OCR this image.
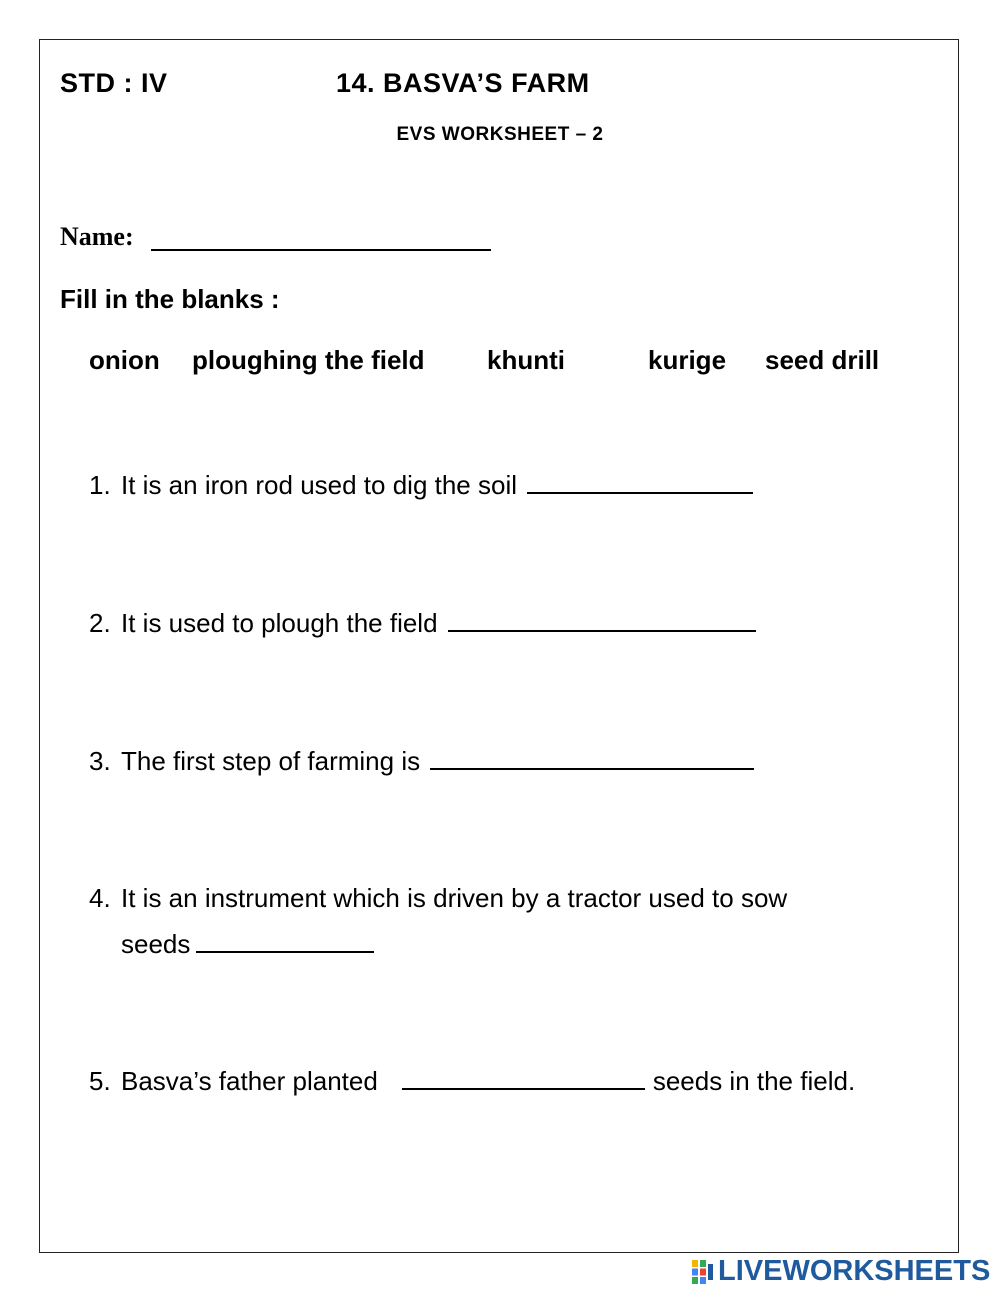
STD : IV	14. BASVA’S FARM
EVS WORKSHEET – 2
Name:
Fill in the blanks :
onion ploughing the field khunti	kurige seed drill
1. It is an iron rod used to dig the soil
2. It is used to plough the field
3. The first step of farming is
4. It is an instrument which is driven by a tractor used to sow
seeds
5. Basva’s father planted	seeds in the field.
LIVEWORKSHEETS
